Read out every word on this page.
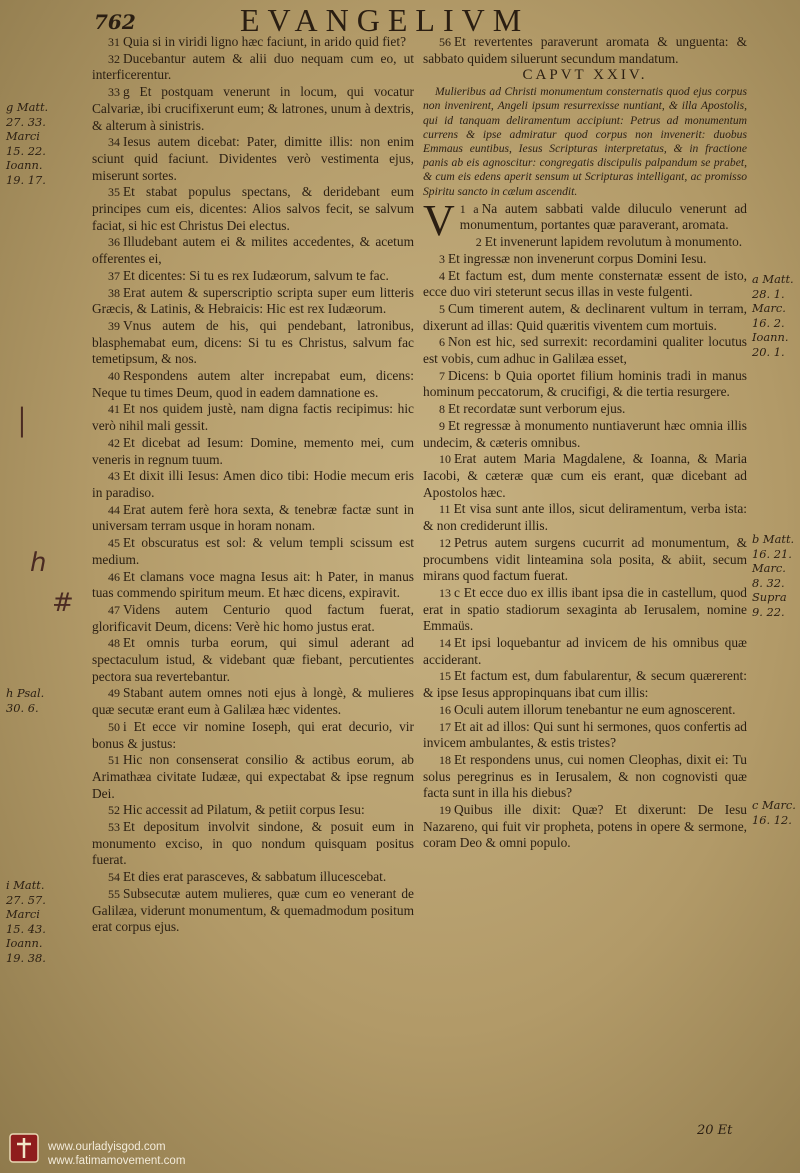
762	EVANGELIVM

31 Quia si in viridi ligno hæc faciunt, in arido quid fiet?

32 Ducebantur autem & alii duo nequam cum eo, ut interficerentur.

33 g Et postquam venerunt in locum, qui vocatur Calvariæ, ibi crucifixerunt eum; & latrones, unum à dextris, & alterum à sinistris.

34 Iesus autem dicebat: Pater, dimitte illis: non enim sciunt quid faciunt. Dividentes verò vestimenta ejus, miserunt sortes.

35 Et stabat populus spectans, & deridebant eum principes cum eis, dicentes: Alios salvos fecit, se salvum faciat, si hic est Christus Dei electus.

36 Illudebant autem ei & milites accedentes, & acetum offerentes ei,

37 Et dicentes: Si tu es rex Iudæorum, salvum te fac.

38 Erat autem & superscriptio scripta super eum litteris Græcis, & Latinis, & Hebraicis: Hic est rex Iudæorum.

39 Vnus autem de his, qui pendebant, latronibus, blasphemabat eum, dicens: Si tu es Christus, salvum fac temetipsum, & nos.

40 Respondens autem alter increpabat eum, dicens: Neque tu times Deum, quod in eadem damnatione es.

41 Et nos quidem justè, nam digna factis recipimus: hic verò nihil mali gessit.

42 Et dicebat ad Iesum: Domine, memento mei, cum veneris in regnum tuum.

43 Et dixit illi Iesus: Amen dico tibi: Hodie mecum eris in paradiso.

44 Erat autem ferè hora sexta, & tenebræ factæ sunt in universam terram usque in horam nonam.

45 Et obscuratus est sol: & velum templi scissum est medium.

46 Et clamans voce magna Iesus ait: h Pater, in manus tuas commendo spiritum meum. Et hæc dicens, expiravit.

47 Videns autem Centurio quod factum fuerat, glorificavit Deum, dicens: Verè hic homo justus erat.

48 Et omnis turba eorum, qui simul aderant ad spectaculum istud, & videbant quæ fiebant, percutientes pectora sua revertebantur.

49 Stabant autem omnes noti ejus à longè, & mulieres quæ secutæ erant eum à Galilæa hæc videntes.

50 i Et ecce vir nomine Ioseph, qui erat decurio, vir bonus & justus:

51 Hic non consenserat consilio & actibus eorum, ab Arimathæa civitate Iudææ, qui expectabat & ipse regnum Dei.

52 Hic accessit ad Pilatum, & petiit corpus Iesu:

53 Et depositum involvit sindone, & posuit eum in monumento exciso, in quo nondum quisquam positus fuerat.

54 Et dies erat parasceves, & sabbatum illucescebat.

55 Subsecutæ autem mulieres, quæ cum eo venerant de Galilæa, viderunt monumentum, & quemadmodum positum erat corpus ejus.

56 Et revertentes paraverunt aromata & unguenta: & sabbato quidem siluerunt secundum mandatum.

CAPVT XXIV.

Mulieribus ad Christi monumentum consternatis quod ejus corpus non invenirent, Angeli ipsum resurrexisse nuntiant, & illa Apostolis, qui id tanquam deliramentum accipiunt: Petrus ad monumentum currens & ipse admiratur quod corpus non invenerit: duobus Emmaus euntibus, Iesus Scripturas interpretatus, & in fractione panis ab eis agnoscitur: congregatis discipulis palpandum se prabet, & cum eis edens aperit sensum ut Scripturas intelligant, ac promisso Spiritu sancto in cælum ascendit.

1 a
V Na autem sabbati valde diluculo venerunt ad monumentum, portantes quæ paraverant, aromata.

2 Et invenerunt lapidem revolutum à monumento.

3 Et ingressæ non invenerunt corpus Domini Iesu.

4 Et factum est, dum mente consternatæ essent de isto, ecce duo viri steterunt secus illas in veste fulgenti.

5 Cum timerent autem, & declinarent vultum in terram, dixerunt ad illas: Quid quæritis viventem cum mortuis.

6 Non est hic, sed surrexit: recordamini qualiter locutus est vobis, cum adhuc in Galilæa esset,

7 Dicens: b Quia oportet filium hominis tradi in manus hominum peccatorum, & crucifigi, & die tertia resurgere.

8 Et recordatæ sunt verborum ejus.

9 Et regressæ à monumento nuntiaverunt hæc omnia illis undecim, & cæteris omnibus.

10 Erat autem Maria Magdalene, & Ioanna, & Maria Iacobi, & cæteræ quæ cum eis erant, quæ dicebant ad Apostolos hæc.

11 Et visa sunt ante illos, sicut deliramentum, verba ista: & non crediderunt illis.

12 Petrus autem surgens cucurrit ad monumentum, & procumbens vidit linteamina sola posita, & abiit, secum mirans quod factum fuerat.

13 c Et ecce duo ex illis ibant ipsa die in castellum, quod erat in spatio stadiorum sexaginta ab Ierusalem, nomine Emmaüs.

14 Et ipsi loquebantur ad invicem de his omnibus quæ acciderant.

15 Et factum est, dum fabularentur, & secum quærerent: & ipse Iesus appropinquans ibat cum illis:

16 Oculi autem illorum tenebantur ne eum agnoscerent.

17 Et ait ad illos: Qui sunt hi sermones, quos confertis ad invicem ambulantes, & estis tristes?

18 Et respondens unus, cui nomen Cleophas, dixit ei: Tu solus peregrinus es in Ierusalem, & non cognovisti quæ facta sunt in illa his diebus?

19 Quibus ille dixit: Quæ? Et dixerunt: De Iesu Nazareno, qui fuit vir propheta, potens in opere & sermone, coram Deo & omni populo.

g Matt.
27. 33.
Marci
15. 22.
Ioann.
19. 17.
h Psal.
30. 6.
i Matt.
27. 57.
Marci
15. 43.
Ioann.
19. 38.
a Matt.
28. 1.
Marc.
16. 2.
Ioann.
20. 1.
b Matt.
16. 21.
Marc.
8. 32.
Supra
9. 22.
c Marc.
16. 12.
│
ℎ
#
www.ourladyisgod.com
www.fatimamovement.com
20 Et
